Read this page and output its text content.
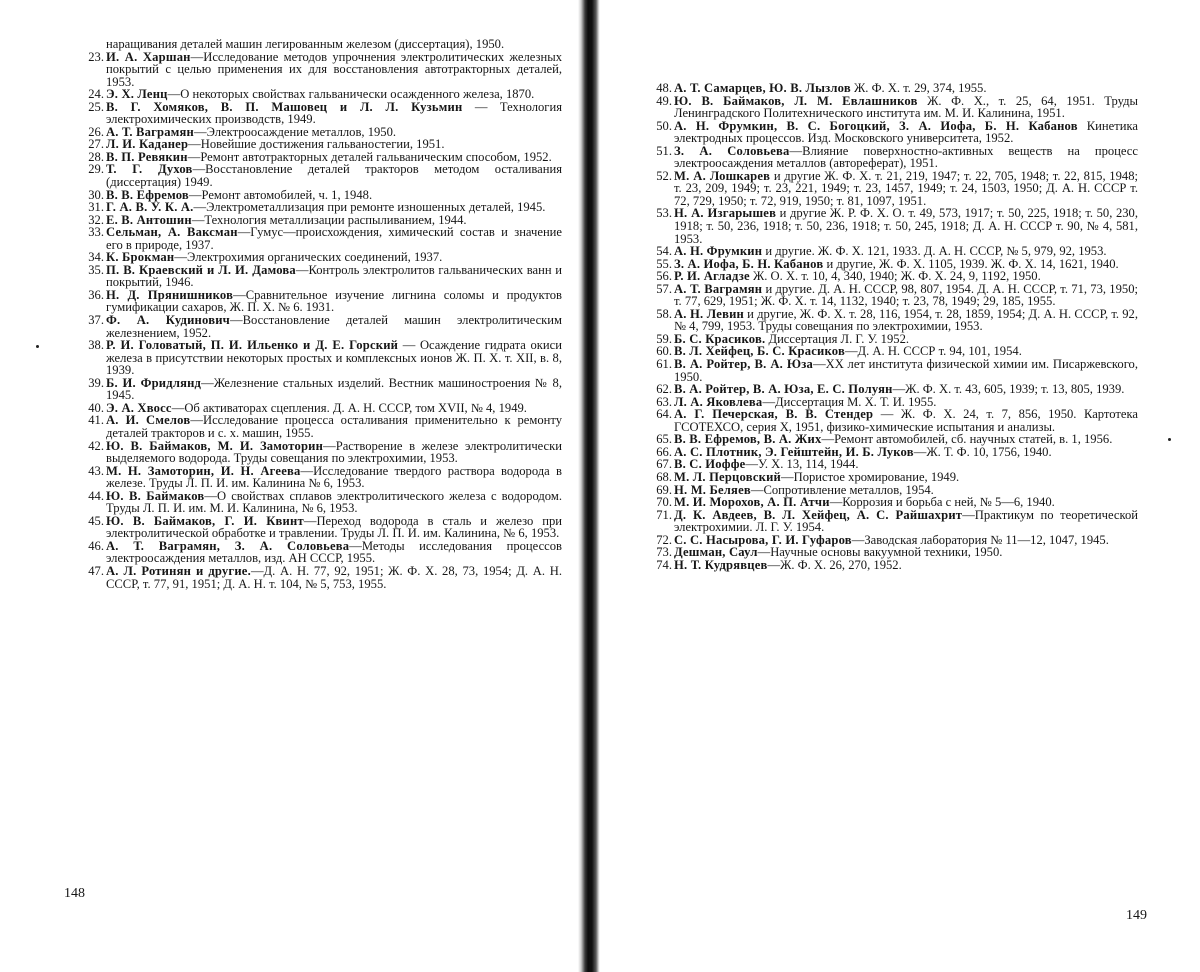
наращивания деталей машин легированным железом (диссертация), 1950.
23 . И. А. Харшан—Исследование методов упрочнения электролитических железных покрытий с целью применения их для восстановления автотракторных деталей, 1953.
24 . Э. Х. Ленц—О некоторых свойствах гальванически осажденного железа, 1870.
25 . В. Г. Хомяков, В. П. Машовец и Л. Л. Кузьмин — Технология электрохимических производств, 1949.
26 . А. Т. Ваграмян—Электроосаждение металлов, 1950.
27 . Л. И. Каданер—Новейшие достижения гальваностегии, 1951.
28 . В. П. Ревякин—Ремонт автотракторных деталей гальваническим способом, 1952.
29 . Т. Г. Духов—Восстановление деталей тракторов методом осталивания (диссертация) 1949.
30 . В. В. Ефремов—Ремонт автомобилей, ч. 1, 1948.
31 . Г. А. В. У. К. А.—Электрометаллизация при ремонте изношенных деталей, 1945.
32 . Е. В. Антошин—Технология металлизации распыливанием, 1944.
33 . Сельман, А. Ваксман—Гумус—происхождения, химический состав и значение его в природе, 1937.
34 . К. Брокман—Электрохимия органических соединений, 1937.
35 . П. В. Краевский и Л. И. Дамова—Контроль электролитов гальванических ванн и покрытий, 1946.
36 . Н. Д. Прянишников—Сравнительное изучение лигнина соломы и продуктов гумификации сахаров, Ж. П. Х. № 6. 1931.
37 . Ф. А. Кудинович—Восстановление деталей машин электролитическим железнением, 1952.
38 . Р. И. Головатый, П. И. Ильенко и Д. Е. Горский — Осаждение гидрата окиси железа в присутствии некоторых простых и комплексных ионов Ж. П. Х. т. XII, в. 8, 1939.
39 . Б. И. Фридлянд—Железнение стальных изделий. Вестник машиностроения № 8, 1945.
40 . Э. А. Хвосс—Об активаторах сцепления. Д. А. Н. СССР, том XVII, № 4, 1949.
41 . А. И. Смелов—Исследование процесса осталивания применительно к ремонту деталей тракторов и с. х. машин, 1955.
42 . Ю. В. Баймаков, М. И. Замоторин—Растворение в железе электролитически выделяемого водорода. Труды совещания по электрохимии, 1953.
43 . М. Н. Замоторин, И. Н. Агеева—Исследование твердого раствора водорода в железе. Труды Л. П. И. им. Калинина № 6, 1953.
44 . Ю. В. Баймаков—О свойствах сплавов электролитического железа с водородом. Труды Л. П. И. им. М. И. Калинина, № 6, 1953.
45 . Ю. В. Баймаков, Г. И. Квинт—Переход водорода в сталь и железо при электролитической обработке и травлении. Труды Л. П. И. им. Калинина, № 6, 1953.
46 . А. Т. Ваграмян, З. А. Соловьева—Методы исследования процессов электроосаждения металлов, изд. АН СССР, 1955.
47 . А. Л. Ротинян и другие.—Д. А. Н. 77, 92, 1951; Ж. Ф. Х. 28, 73, 1954; Д. А. Н. СССР, т. 77, 91, 1951; Д. А. Н. т. 104, № 5, 753, 1955.
148
48 . А. Т. Самарцев, Ю. В. Лызлов Ж. Ф. Х. т. 29, 374, 1955.
49 . Ю. В. Баймаков, Л. М. Евлашников Ж. Ф. Х., т. 25, 64, 1951. Труды Ленинградского Политехнического института им. М. И. Калинина, 1951.
50 . А. Н. Фрумкин, В. С. Богоцкий, З. А. Иофа, Б. Н. Кабанов Кинетика электродных процессов. Изд. Московского университета, 1952.
51 . З. А. Соловьева—Влияние поверхностно-активных веществ на процесс электроосаждения металлов (автореферат), 1951.
52 . М. А. Лошкарев и другие Ж. Ф. Х. т. 21, 219, 1947; т. 22, 705, 1948; т. 22, 815, 1948; т. 23, 209, 1949; т. 23, 221, 1949; т. 23, 1457, 1949; т. 24, 1503, 1950; Д. А. Н. СССР т. 72, 729, 1950; т. 72, 919, 1950; т. 81, 1097, 1951.
53 . Н. А. Изгарышев и другие Ж. Р. Ф. Х. О. т. 49, 573, 1917; т. 50, 225, 1918; т. 50, 230, 1918; т. 50, 236, 1918; т. 50, 236, 1918; т. 50, 245, 1918; Д. А. Н. СССР т. 90, № 4, 581, 1953.
54 . А. Н. Фрумкин и другие. Ж. Ф. Х. 121, 1933. Д. А. Н. СССР, № 5, 979, 92, 1953.
55 . З. А. Иофа, Б. Н. Кабанов и другие, Ж. Ф. Х. 1105, 1939. Ж. Ф. Х. 14, 1621, 1940.
56 . Р. И. Агладзе Ж. О. Х. т. 10, 4, 340, 1940; Ж. Ф. Х. 24, 9, 1192, 1950.
57 . А. Т. Ваграмян и другие. Д. А. Н. СССР, 98, 807, 1954. Д. А. Н. СССР, т. 71, 73, 1950; т. 77, 629, 1951; Ж. Ф. Х. т. 14, 1132, 1940; т. 23, 78, 1949; 29, 185, 1955.
58 . А. Н. Левин и другие, Ж. Ф. Х. т. 28, 116, 1954, т. 28, 1859, 1954; Д. А. Н. СССР, т. 92, № 4, 799, 1953. Труды совещания по электрохимии, 1953.
59 . Б. С. Красиков. Диссертация Л. Г. У. 1952.
60 . В. Л. Хейфец, Б. С. Красиков—Д. А. Н. СССР т. 94, 101, 1954.
61 . В. А. Ройтер, В. А. Юза—XX лет института физической химии им. Писаржевского, 1950.
62 . В. А. Ройтер, В. А. Юза, Е. С. Полуян—Ж. Ф. Х. т. 43, 605, 1939; т. 13, 805, 1939.
63 . Л. А. Яковлева—Диссертация М. Х. Т. И. 1955.
64 . А. Г. Печерская, В. В. Стендер — Ж. Ф. Х. 24, т. 7, 856, 1950. Картотека ГСОТЕХСО, серия Х, 1951, физико-химические испытания и анализы.
65 . В. В. Ефремов, В. А. Жих—Ремонт автомобилей, сб. научных статей, в. 1, 1956.
66 . А. С. Плотник, Э. Гейштейн, И. Б. Луков—Ж. Т. Ф. 10, 1756, 1940.
67 . В. С. Иоффе—У. Х. 13, 114, 1944.
68 . М. Л. Перцовский—Пористое хромирование, 1949.
69 . Н. М. Беляев—Сопротивление металлов, 1954.
70 . М. И. Морохов, А. П. Атчи—Коррозия и борьба с ней, № 5—6, 1940.
71 . Д. К. Авдеев, В. Л. Хейфец, А. С. Райшахрит—Практикум по теоретической электрохимии. Л. Г. У. 1954.
72 . С. С. Насырова, Г. И. Гуфаров—Заводская лаборатория № 11—12, 1047, 1945.
73 . Дешман, Саул—Научные основы вакуумной техники, 1950.
74 . Н. Т. Кудрявцев—Ж. Ф. Х. 26, 270, 1952.
149
